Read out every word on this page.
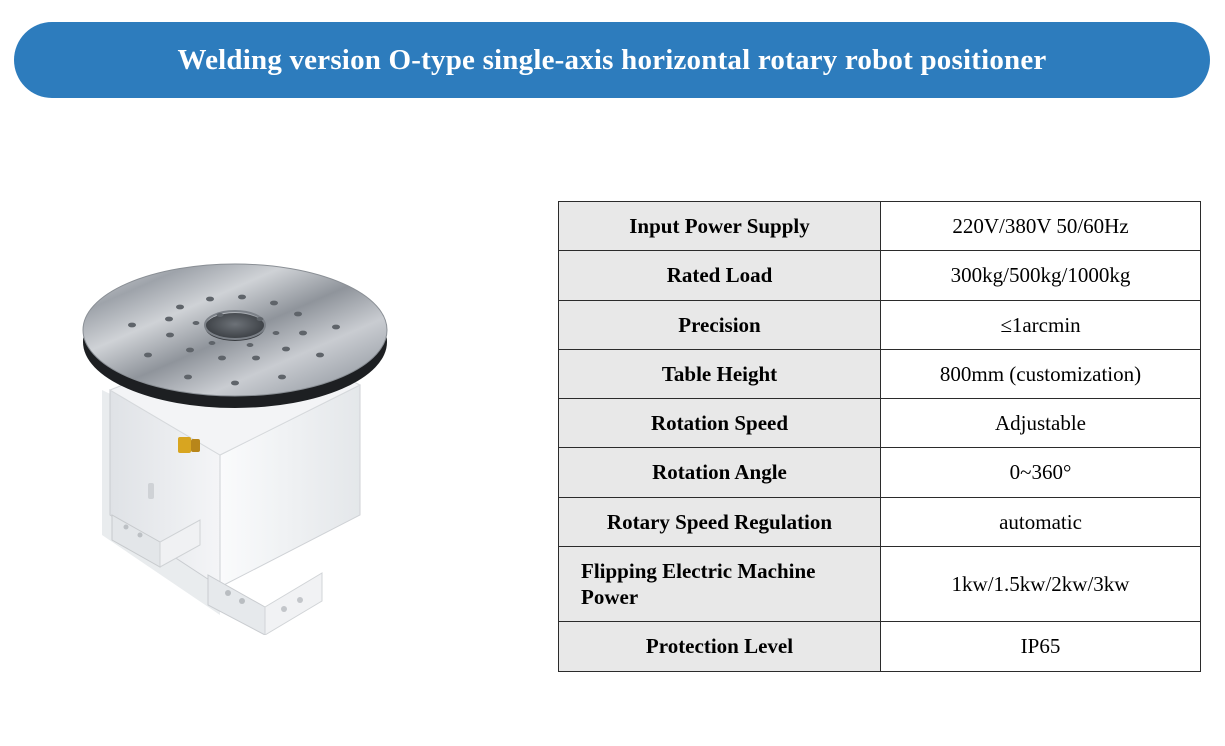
Welding version O-type single-axis horizontal rotary robot positioner
Input Power Supply	220V/380V 50/60Hz
Rated Load	300kg/500kg/1000kg
Precision	≤1arcmin
Table Height	800mm (customization)
Rotation Speed	Adjustable
Rotation Angle	0~360°
Rotary Speed Regulation	automatic
Flipping Electric Machine Power	1kw/1.5kw/2kw/3kw
Protection Level	IP65
